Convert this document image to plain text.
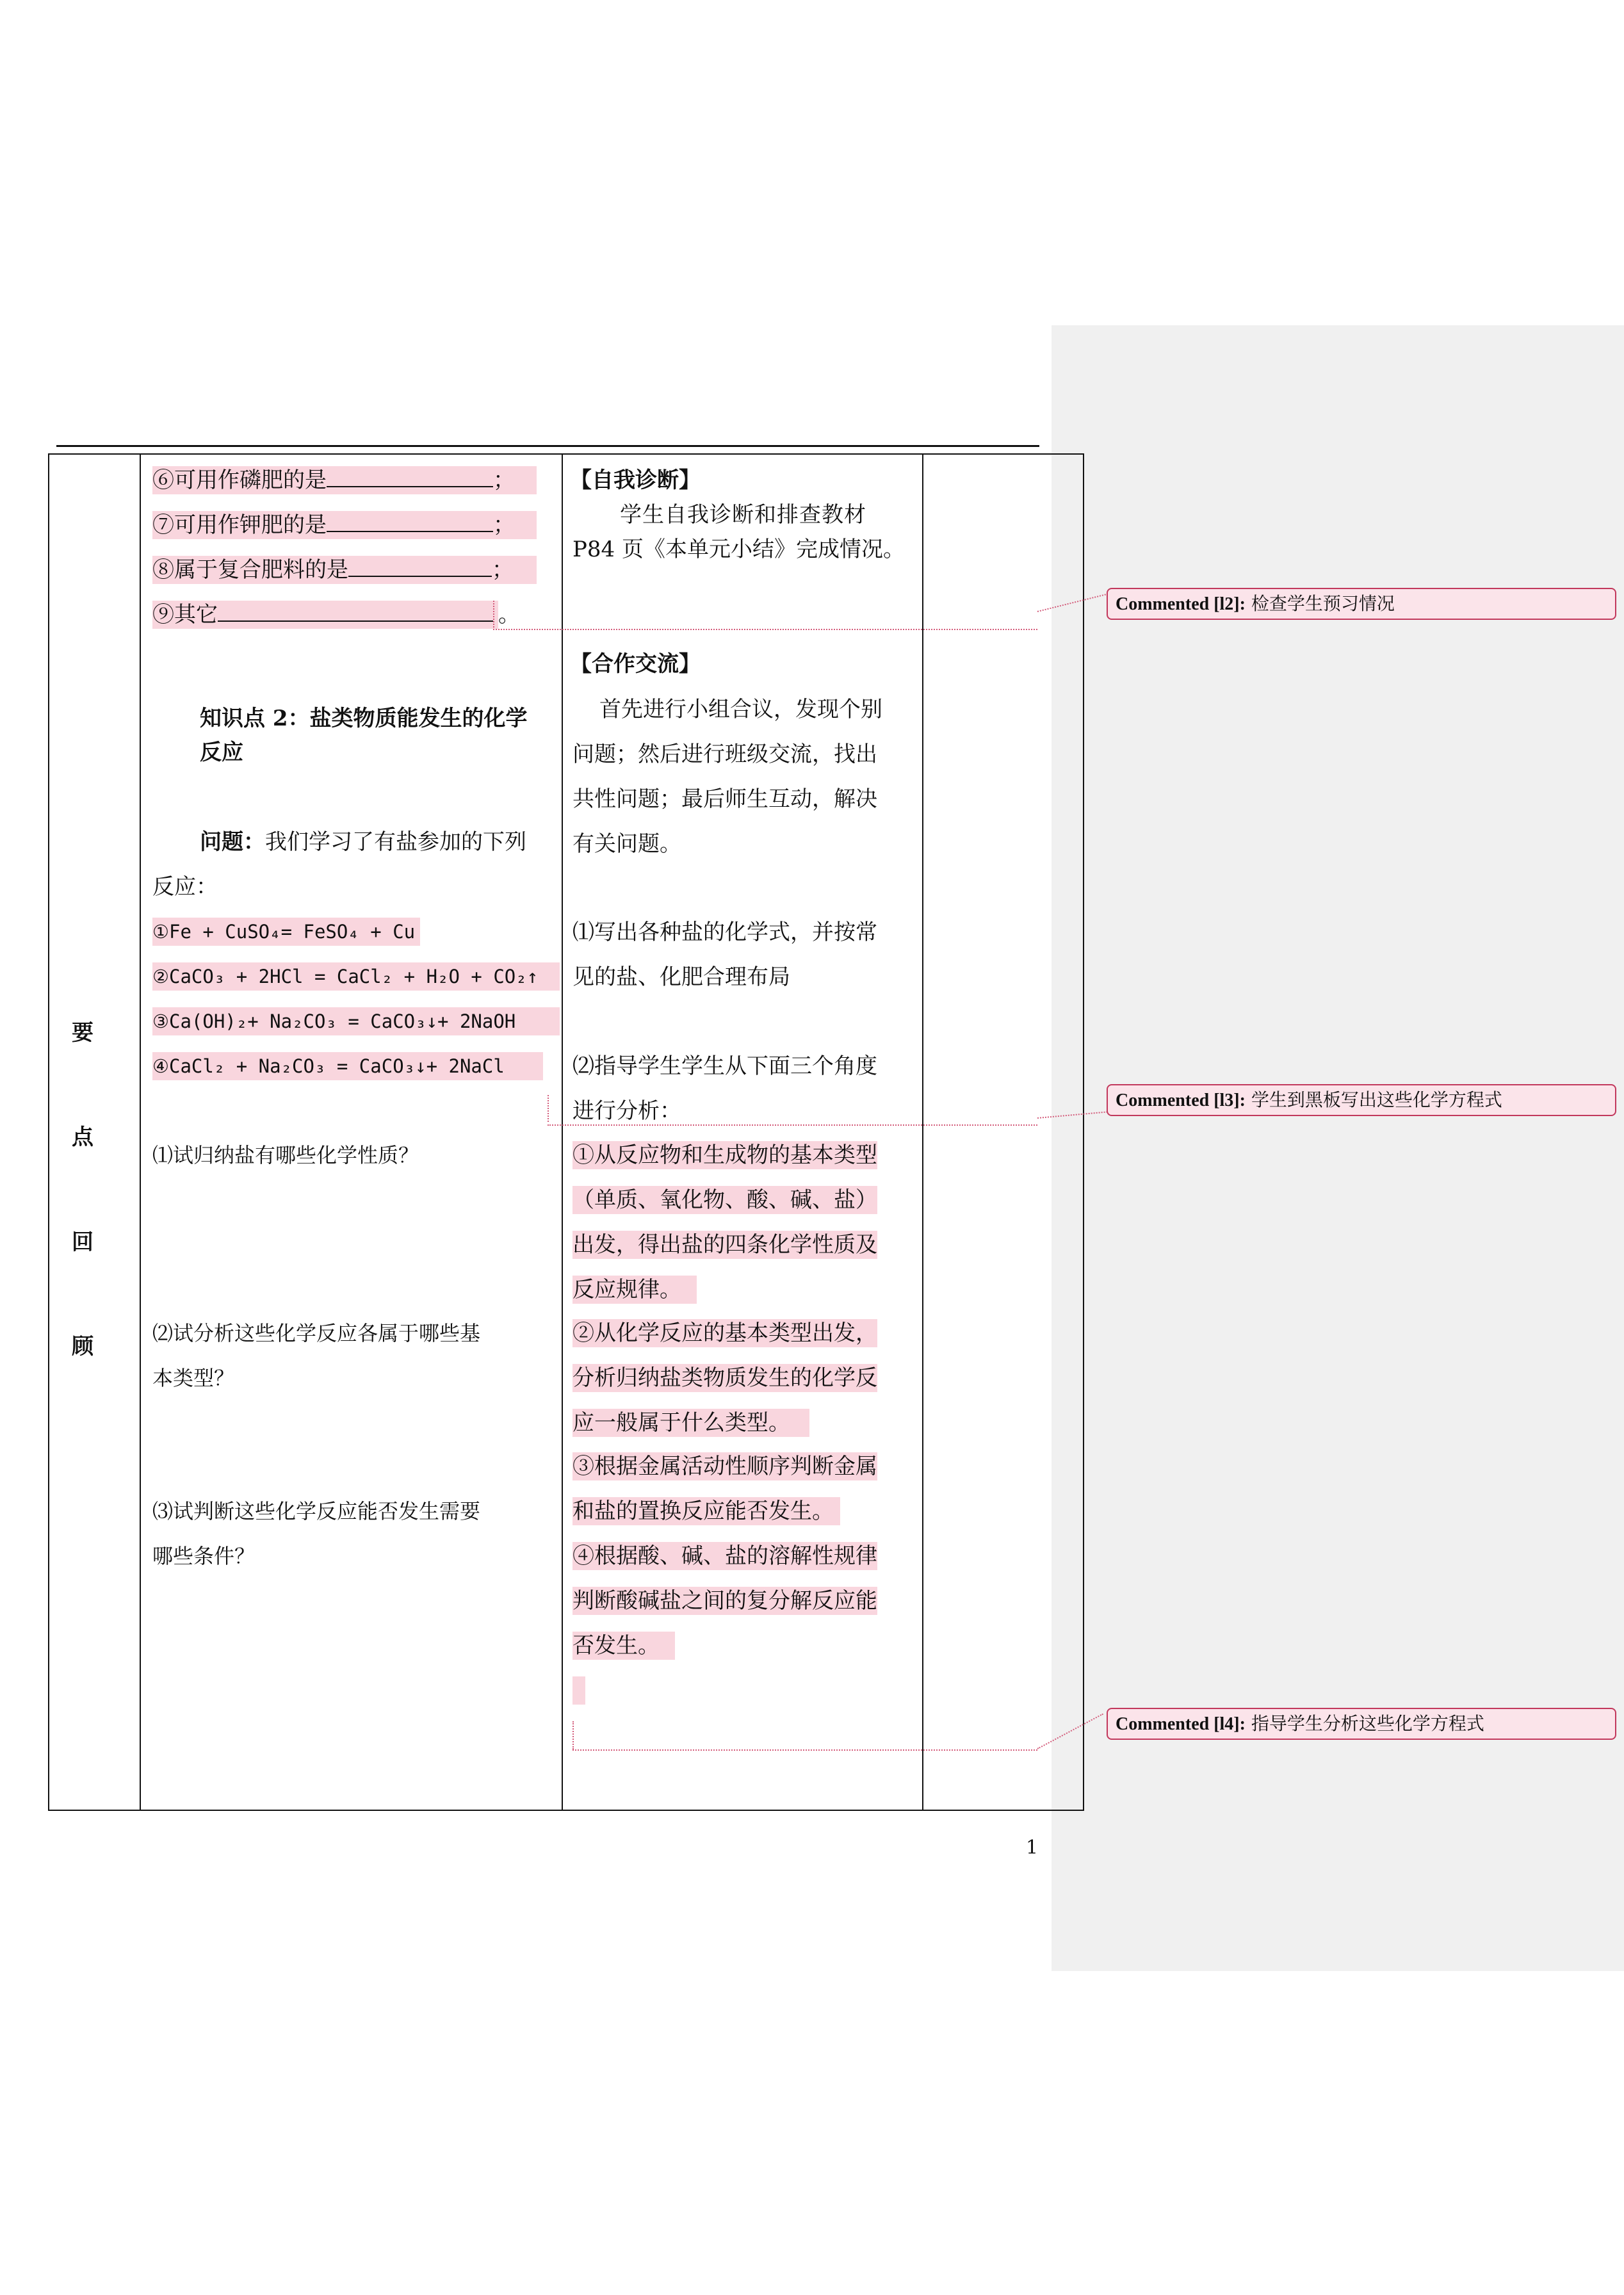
要
点
回
顾
⑥可用作磷肥的是	；
⑦可用作钾肥的是	；
⑧属于复合肥料的是	；
⑨其它	。
知识点 2：盐类物质能发生的化学
反应
问题：我们学习了有盐参加的下列
反应：
①Fe + CuSO₄= FeSO₄ + Cu
②CaCO₃ + 2HCl = CaCl₂ + H₂O + CO₂↑
③Ca(OH)₂+ Na₂CO₃ = CaCO₃↓+ 2NaOH
④CaCl₂ + Na₂CO₃ = CaCO₃↓+ 2NaCl
⑴试归纳盐有哪些化学性质？
⑵试分析这些化学反应各属于哪些基
本类型？
⑶试判断这些化学反应能否发生需要
哪些条件？
【自我诊断】
学生自我诊断和排查教材
P84 页《本单元小结》完成情况。
【合作交流】
首先进行小组合议，发现个别
问题；然后进行班级交流，找出
共性问题；最后师生互动，解决
有关问题。
⑴写出各种盐的化学式，并按常
见的盐、化肥合理布局
⑵指导学生学生从下面三个角度
进行分析：
①从反应物和生成物的基本类型
（单质、氧化物、酸、碱、盐）
出发，得出盐的四条化学性质及
反应规律。
②从化学反应的基本类型出发，
分析归纳盐类物质发生的化学反
应一般属于什么类型。
③根据金属活动性顺序判断金属
和盐的置换反应能否发生。
④根据酸、碱、盐的溶解性规律
判断酸碱盐之间的复分解反应能
否发生。
Commented [l2]: 检查学生预习情况
Commented [l3]: 学生到黑板写出这些化学方程式
Commented [l4]: 指导学生分析这些化学方程式
1
